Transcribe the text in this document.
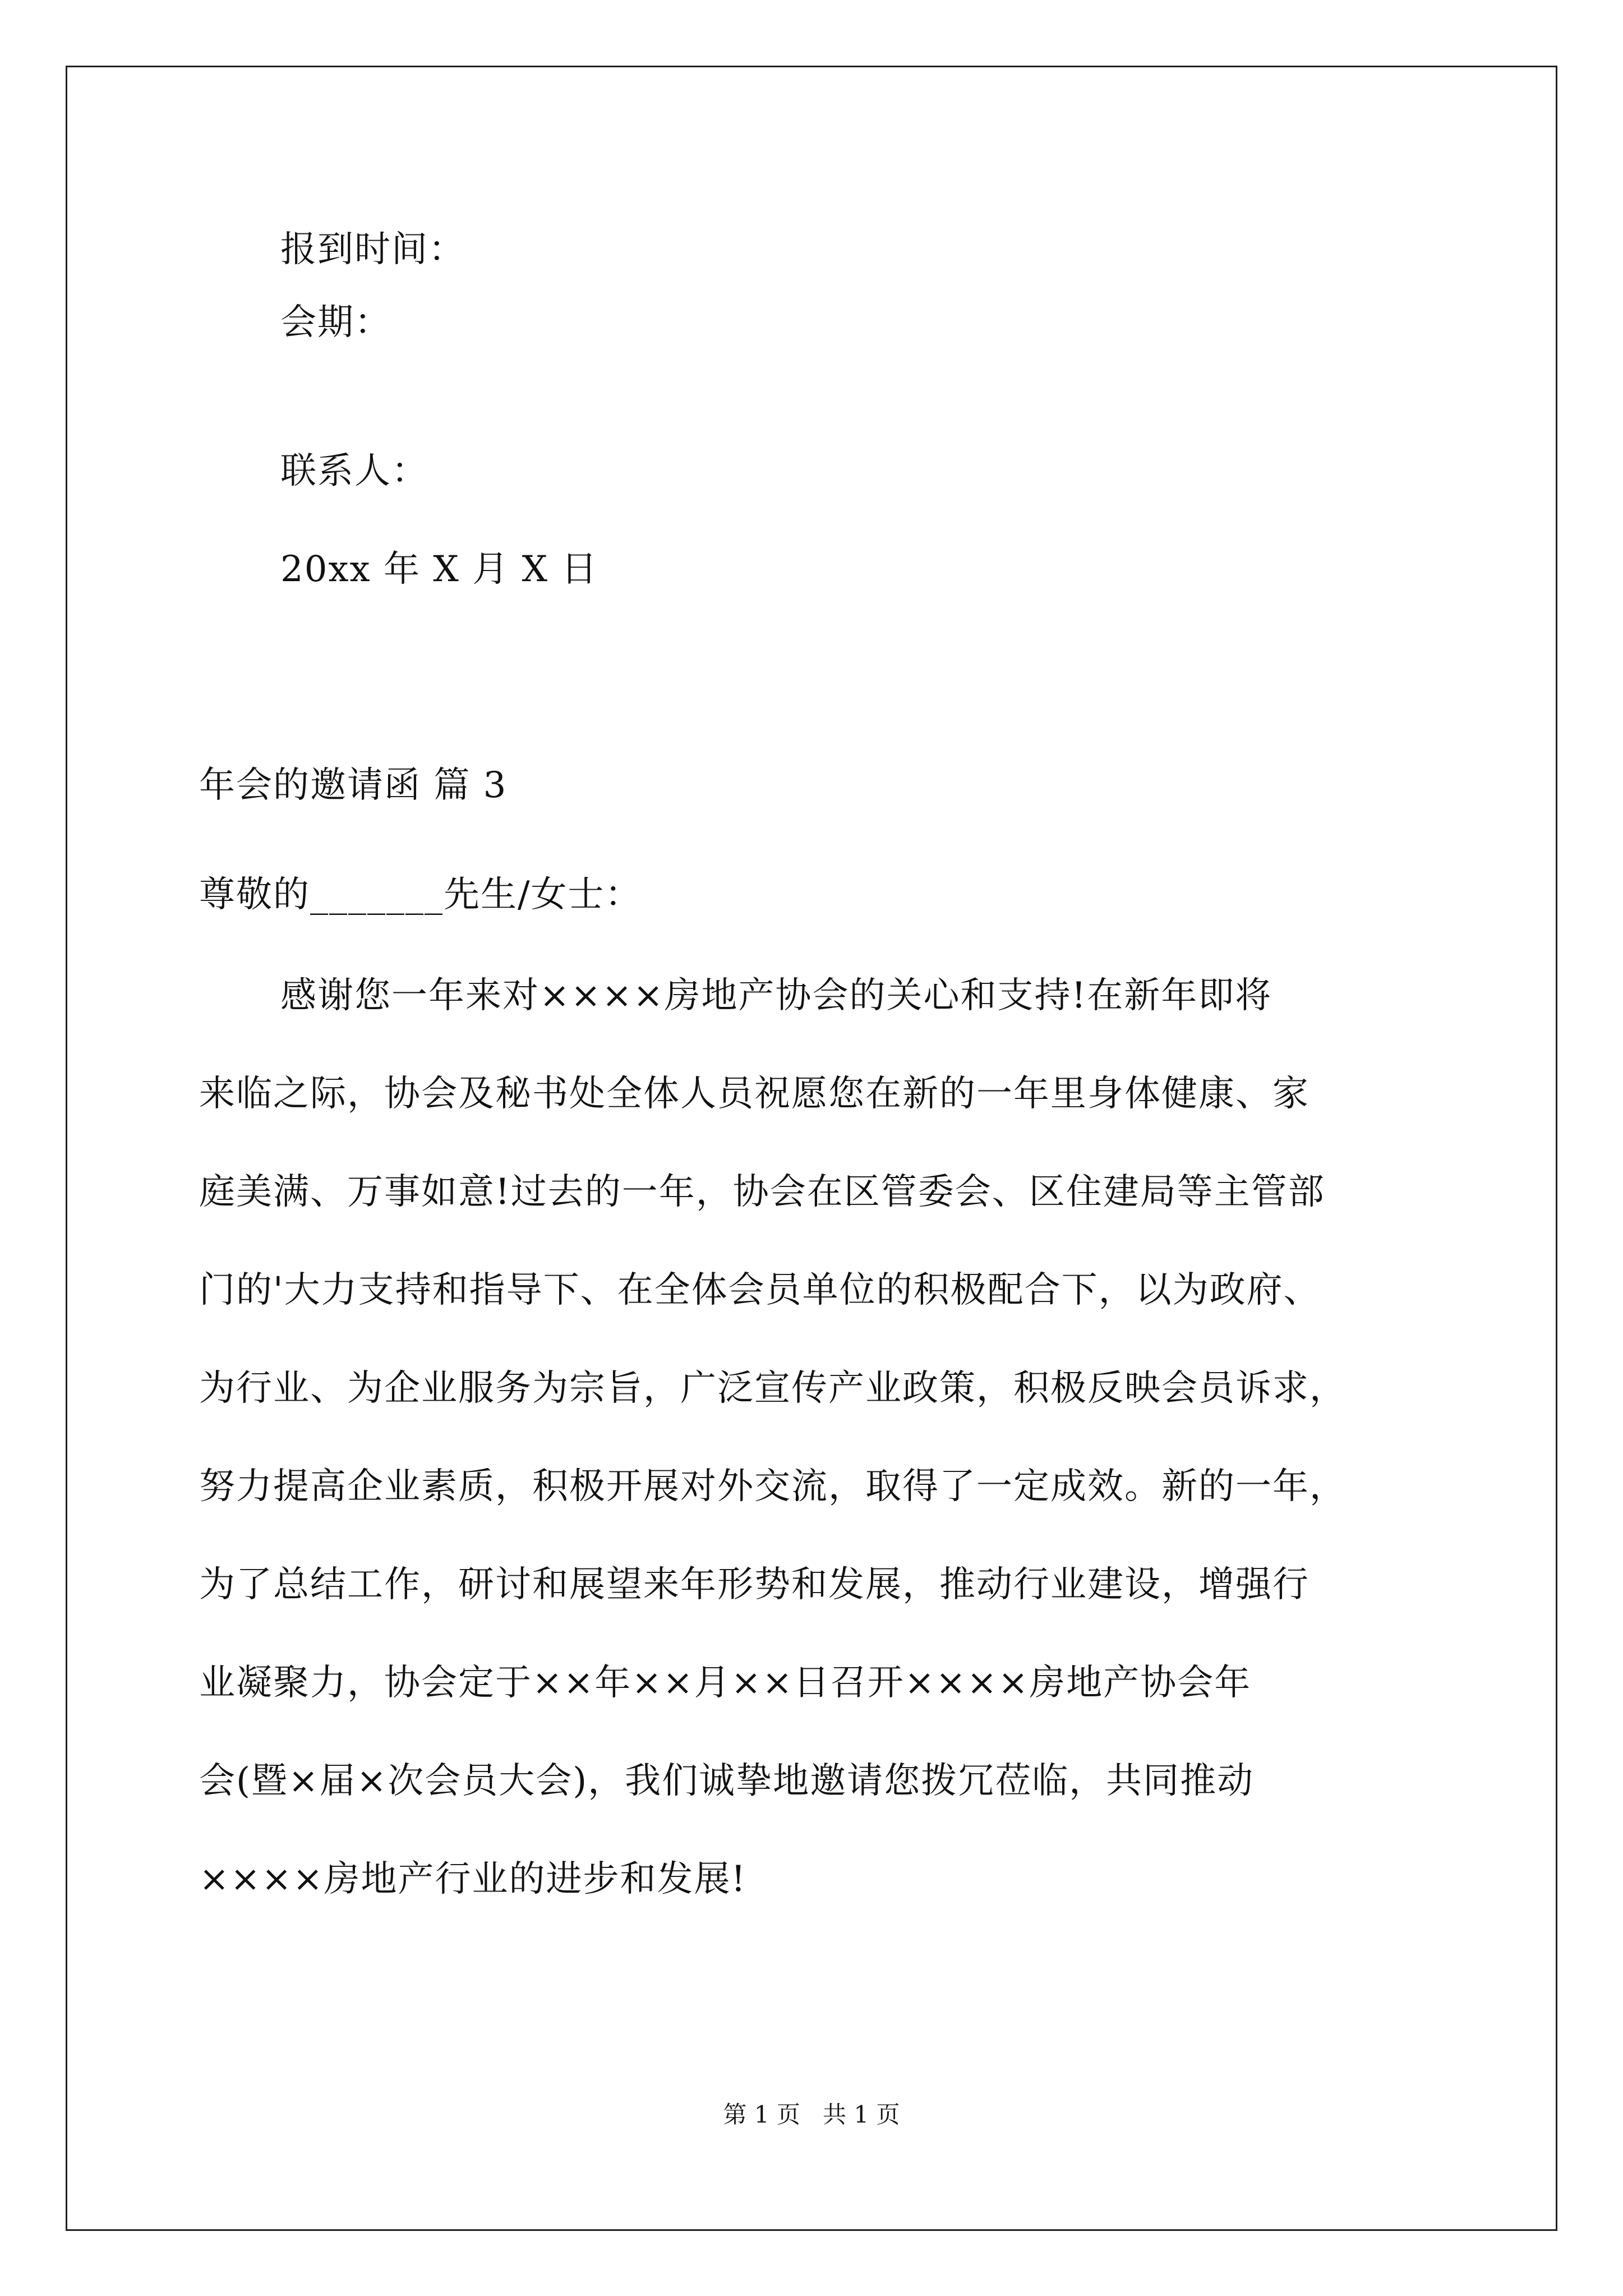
报到时间：
会期：
联系人：
20xx 年 X 月 X 日
年会的邀请函 篇 3
尊敬的_______先生/女士：
感谢您一年来对××××房地产协会的关心和支持!在新年即将
来临之际，协会及秘书处全体人员祝愿您在新的一年里身体健康、家
庭美满、万事如意!过去的一年，协会在区管委会、区住建局等主管部
门的'大力支持和指导下、在全体会员单位的积极配合下，以为政府、
为行业、为企业服务为宗旨，广泛宣传产业政策，积极反映会员诉求，
努力提高企业素质，积极开展对外交流，取得了一定成效。新的一年，
为了总结工作，研讨和展望来年形势和发展，推动行业建设，增强行
业凝聚力，协会定于××年××月××日召开××××房地产协会年
会(暨×届×次会员大会)，我们诚挚地邀请您拨冗莅临，共同推动
××××房地产行业的进步和发展!
第 1 页   共 1 页
